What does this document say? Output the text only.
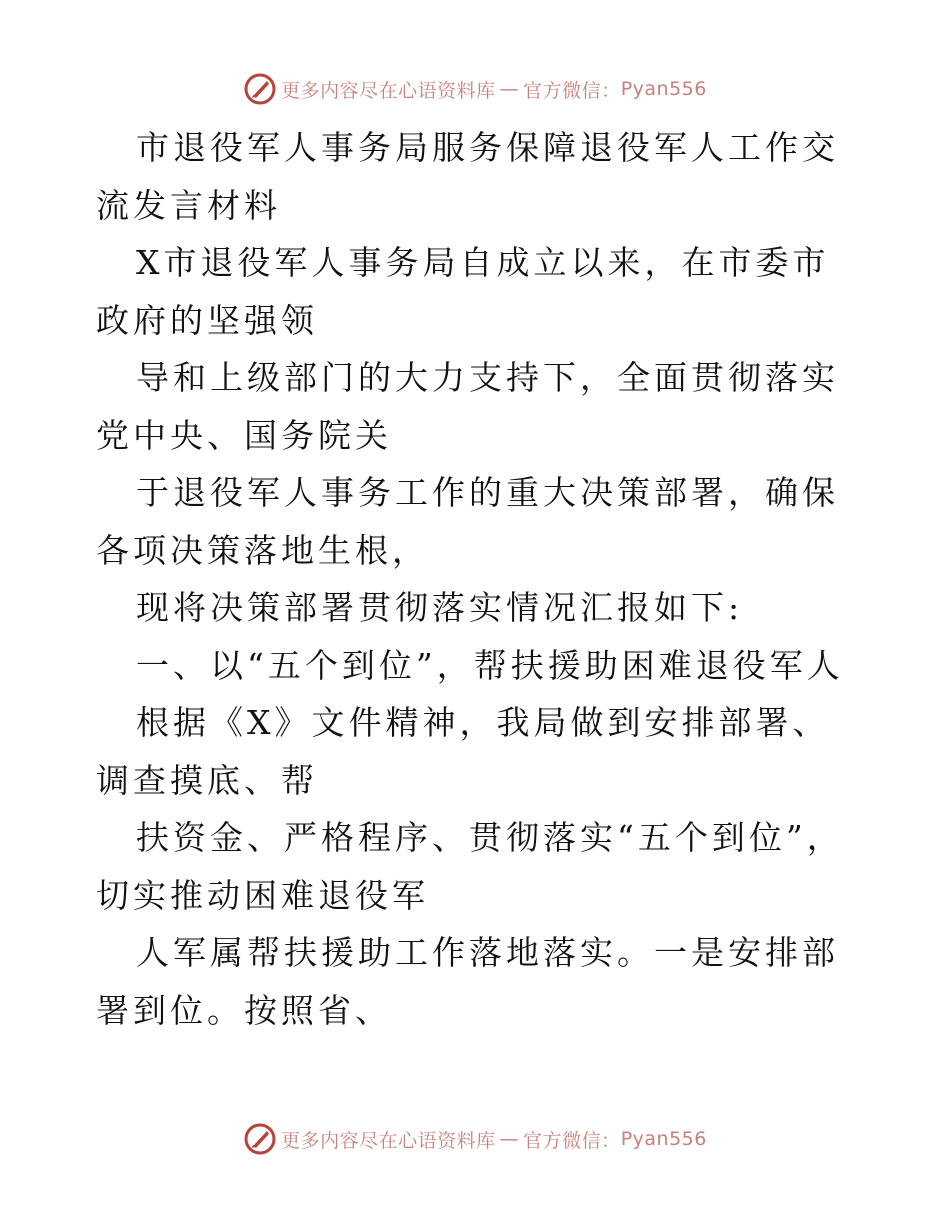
更多内容尽在心语资料库 — 官方微信： Pyan556

市退役军人事务局服务保障退役军人工作交流发言材料

X市退役军人事务局自成立以来，在市委市政府的坚强领

导和上级部门的大力支持下，全面贯彻落实党中央、国务院关

于退役军人事务工作的重大决策部署，确保各项决策落地生根，

现将决策部署贯彻落实情况汇报如下:

一、以“五个到位”，帮扶援助困难退役军人

根据《X》文件精神，我局做到安排部署、调查摸底、帮

扶资金、严格程序、贯彻落实“五个到位”，切实推动困难退役军

人军属帮扶援助工作落地落实。一是安排部署到位。按照省、

更多内容尽在心语资料库 — 官方微信： Pyan556
